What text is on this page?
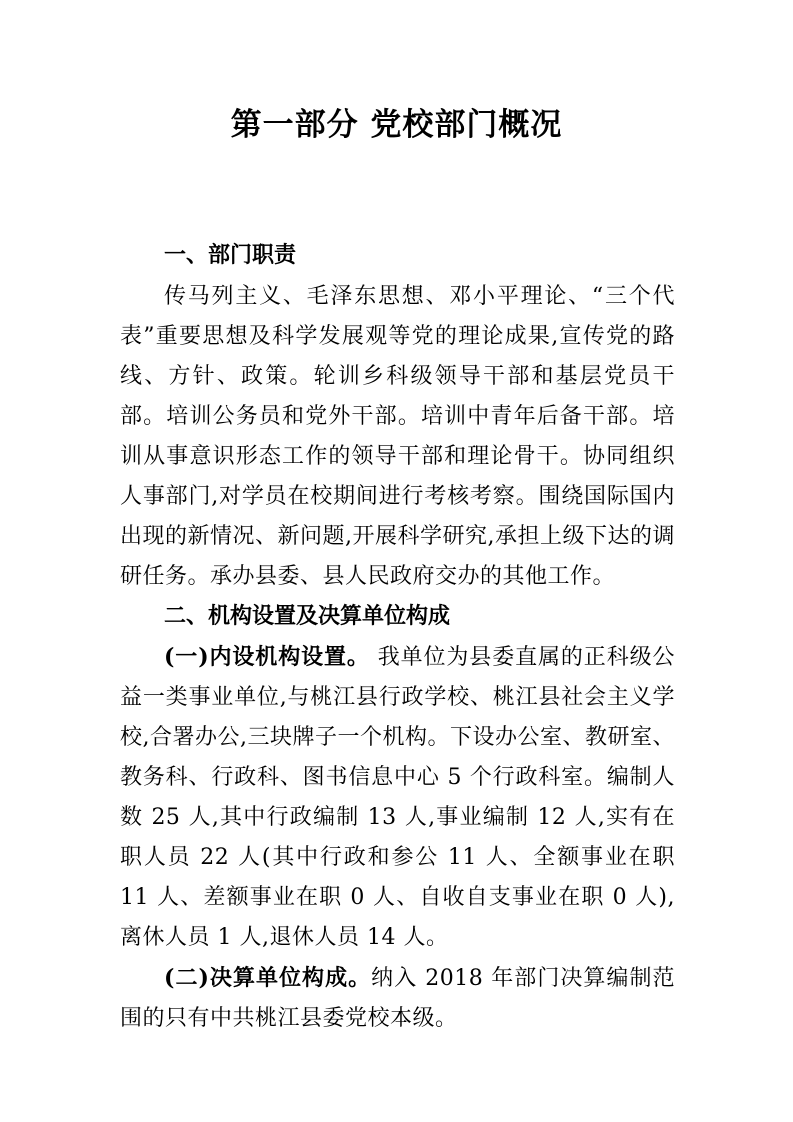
第一部分 党校部门概况
一、部门职责

传马列主义、毛泽东思想、邓小平理论、“三个代表”重要思想及科学发展观等党的理论成果,宣传党的路线、方针、政策。轮训乡科级领导干部和基层党员干部。培训公务员和党外干部。培训中青年后备干部。培训从事意识形态工作的领导干部和理论骨干。协同组织人事部门,对学员在校期间进行考核考察。围绕国际国内出现的新情况、新问题,开展科学研究,承担上级下达的调研任务。承办县委、县人民政府交办的其他工作。

二、机构设置及决算单位构成

(一)内设机构设置。 我单位为县委直属的正科级公益一类事业单位,与桃江县行政学校、桃江县社会主义学校,合署办公,三块牌子一个机构。下设办公室、教研室、教务科、行政科、图书信息中心 5 个行政科室。编制人数 25 人,其中行政编制 13 人,事业编制 12 人,实有在职人员 22 人(其中行政和参公 11 人、全额事业在职 11 人、差额事业在职 0 人、自收自支事业在职 0 人),离休人员 1 人,退休人员 14 人。

(二)决算单位构成。纳入 2018 年部门决算编制范围的只有中共桃江县委党校本级。
